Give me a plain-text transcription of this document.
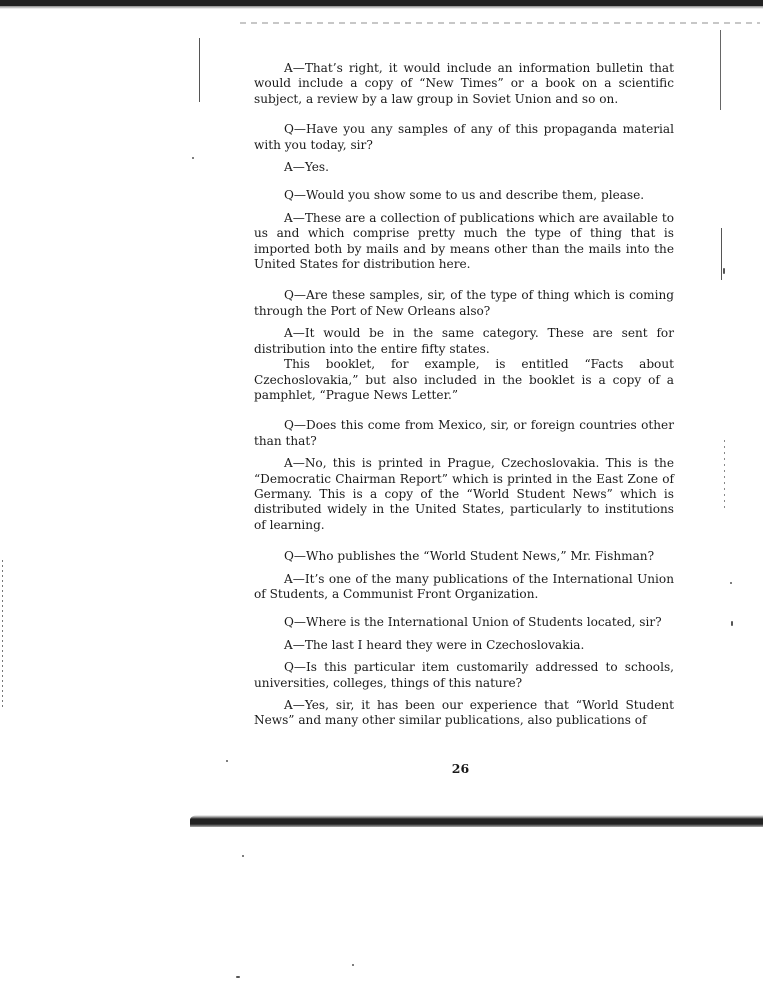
A—That’s right, it would include an information bulletin that would include a copy of “New Times” or a book on a scientific subject, a review by a law group in Soviet Union and so on.

Q—Have you any samples of any of this propaganda material with you today, sir?

A—Yes.

Q—Would you show some to us and describe them, please.

A—These are a collection of publications which are available to us and which comprise pretty much the type of thing that is imported both by mails and by means other than the mails into the United States for distribution here.

Q—Are these samples, sir, of the type of thing which is coming through the Port of New Orleans also?

A—It would be in the same category. These are sent for distribution into the entire fifty states.

This booklet, for example, is entitled “Facts about Czechoslovakia,” but also included in the booklet is a copy of a pamphlet, “Prague News Letter.”

Q—Does this come from Mexico, sir, or foreign countries other than that?

A—No, this is printed in Prague, Czechoslovakia. This is the “Democratic Chairman Report” which is printed in the East Zone of Germany. This is a copy of the “World Student News” which is distributed widely in the United States, particularly to institutions of learning.

Q—Who publishes the “World Student News,” Mr. Fishman?

A—It’s one of the many publications of the International Union of Students, a Communist Front Organization.

Q—Where is the International Union of Students located, sir?

A—The last I heard they were in Czechoslovakia.

Q—Is this particular item customarily addressed to schools, universities, colleges, things of this nature?

A—Yes, sir, it has been our experience that “World Student News” and many other similar publications, also publications of

26
